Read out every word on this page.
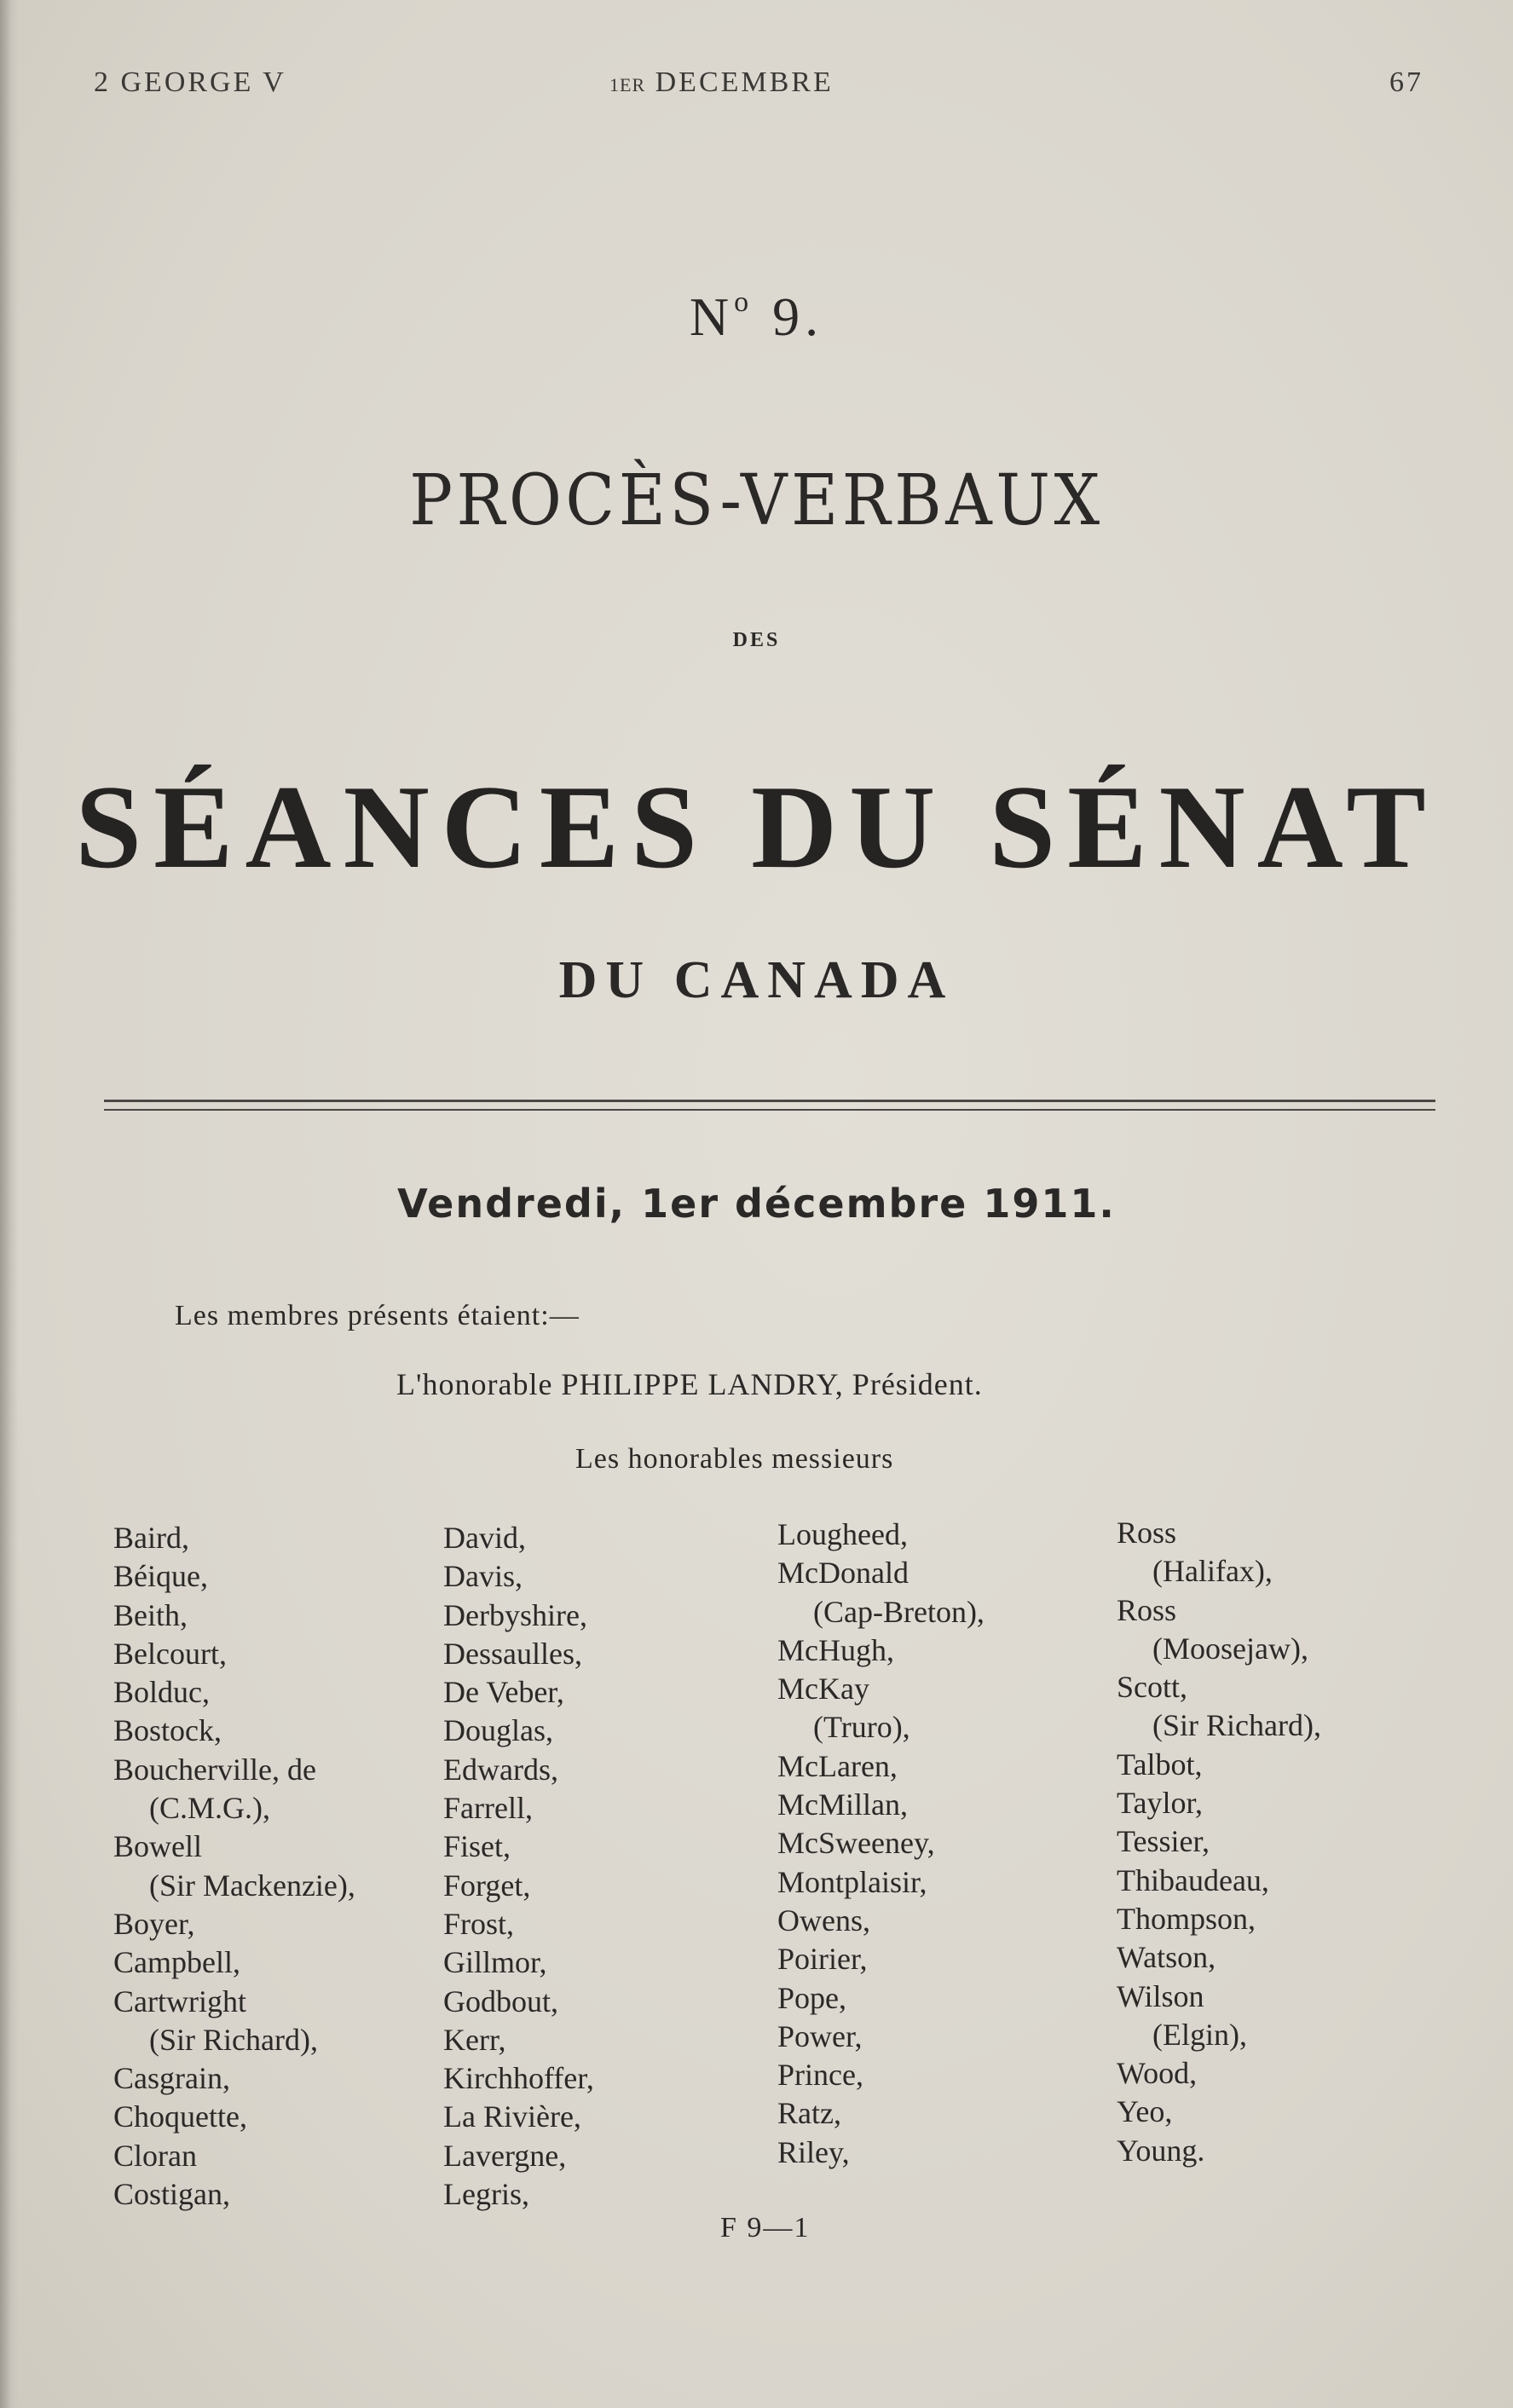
2 GEORGE V	1ER DECEMBRE	67
$N^o$ 9.
PROCÈS-VERBAUX
DES
SÉANCES DU SÉNAT
DU CANADA
Vendredi, 1er décembre 1911.
Les membres présents étaient:—
L'honorable PHILIPPE LANDRY, Président.
Les honorables messieurs
Baird,
Béique,
Beith,
Belcourt,
Bolduc,
Bostock,
Boucherville, de
(C.M.G.),
Bowell
(Sir Mackenzie),
Boyer,
Campbell,
Cartwright
(Sir Richard),
Casgrain,
Choquette,
Cloran
Costigan,
David,
Davis,
Derbyshire,
Dessaulles,
De Veber,
Douglas,
Edwards,
Farrell,
Fiset,
Forget,
Frost,
Gillmor,
Godbout,
Kerr,
Kirchhoffer,
La Rivière,
Lavergne,
Legris,
Lougheed,
McDonald
(Cap-Breton),
McHugh,
McKay
(Truro),
McLaren,
McMillan,
McSweeney,
Montplaisir,
Owens,
Poirier,
Pope,
Power,
Prince,
Ratz,
Riley,
Ross
(Halifax),
Ross
(Moosejaw),
Scott,
(Sir Richard),
Talbot,
Taylor,
Tessier,
Thibaudeau,
Thompson,
Watson,
Wilson
(Elgin),
Wood,
Yeo,
Young.
F 9—1
